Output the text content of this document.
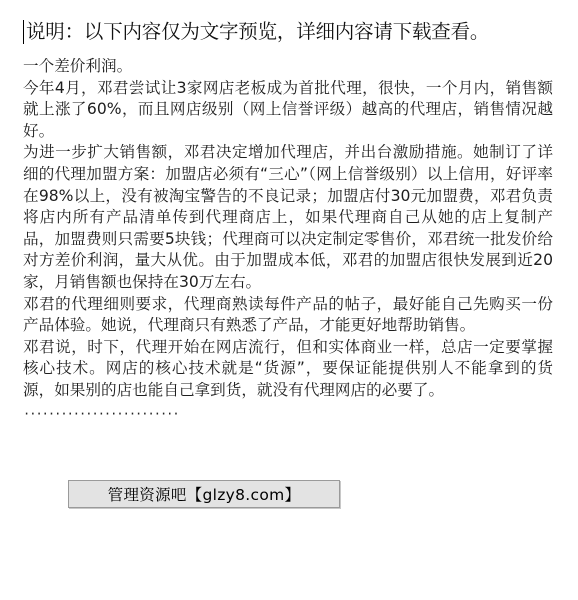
说明：以下内容仅为文字预览，详细内容请下载查看。

一个差价利润。

今年4月，邓君尝试让3家网店老板成为首批代理，很快，一个月内，销售额就上涨了60%，而且网店级别（网上信誉评级）越高的代理店，销售情况越好。

为进一步扩大销售额，邓君决定增加代理店，并出台激励措施。她制订了详细的代理加盟方案：加盟店必须有“三心”（网上信誉级别）以上信用，好评率在98%以上，没有被淘宝警告的不良记录；加盟店付30元加盟费，邓君负责将店内所有产品清单传到代理商店上，如果代理商自己从她的店上复制产品，加盟费则只需要5块钱；代理商可以决定制定零售价，邓君统一批发价给对方差价利润，量大从优。由于加盟成本低，邓君的加盟店很快发展到近20家，月销售额也保持在30万左右。

邓君的代理细则要求，代理商熟读每件产品的帖子，最好能自己先购买一份产品体验。她说，代理商只有熟悉了产品，才能更好地帮助销售。

邓君说，时下，代理开始在网店流行，但和实体商业一样，总店一定要掌握核心技术。网店的核心技术就是“货源”，要保证能提供别人不能拿到的货源，如果别的店也能自己拿到货，就没有代理网店的必要了。

·························
管理资源吧【glzy8.com】
